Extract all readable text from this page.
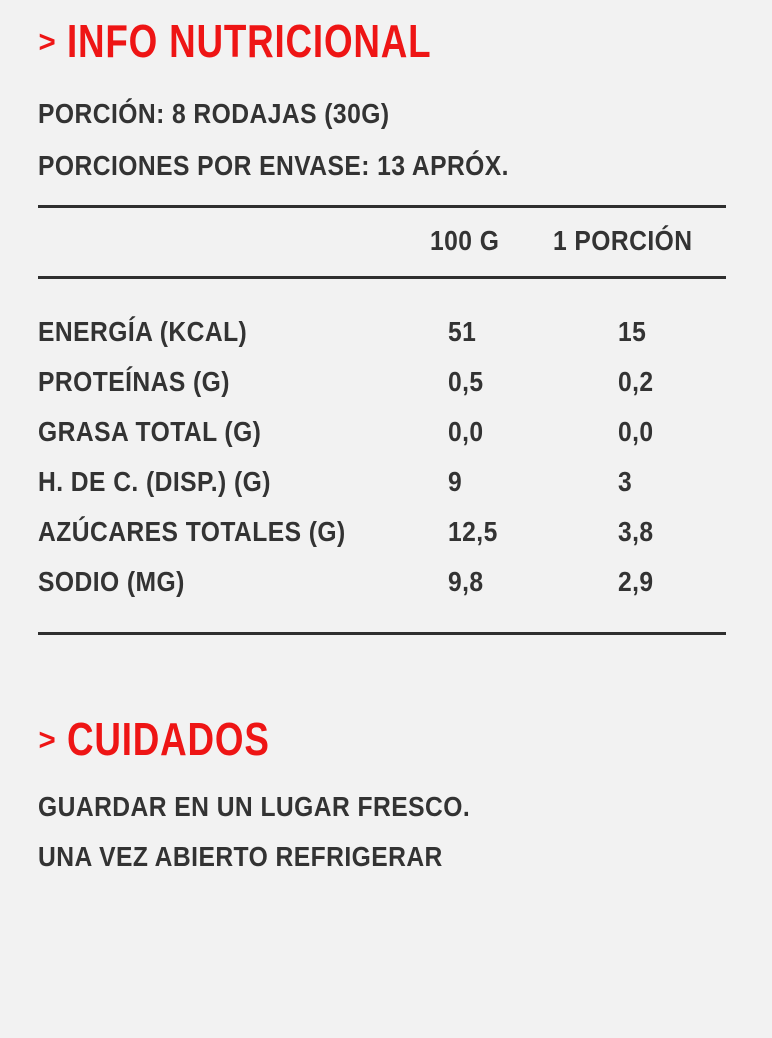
> INFO NUTRICIONAL
PORCIÓN: 8 RODAJAS (30G)
PORCIONES POR ENVASE: 13 APRÓX.
100 G	1 PORCIÓN
ENERGÍA (KCAL)	51	15
PROTEÍNAS (G)	0,5	0,2
GRASA TOTAL (G)	0,0	0,0
H. DE C. (DISP.) (G)	9	3
AZÚCARES TOTALES (G)	12,5	3,8
SODIO (MG)	9,8	2,9
> CUIDADOS
GUARDAR EN UN LUGAR FRESCO.
UNA VEZ ABIERTO REFRIGERAR
